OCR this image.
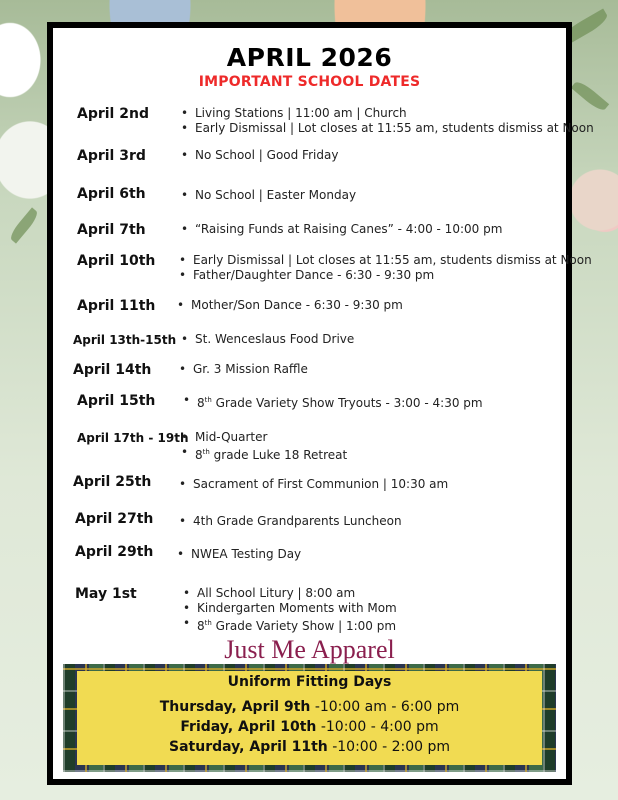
APRIL 2026
IMPORTANT SCHOOL DATES
April 2nd	• Living Stations | 11:00 am | Church
• Early Dismissal | Lot closes at 11:55 am, students dismiss at Noon
April 3rd	• No School | Good Friday
April 6th	• No School | Easter Monday
April 7th	• “Raising Funds at Raising Canes” - 4:00 - 10:00 pm
April 10th	• Early Dismissal | Lot closes at 11:55 am, students dismiss at Noon
• Father/Daughter Dance - 6:30 - 9:30 pm
April 11th	• Mother/Son Dance - 6:30 - 9:30 pm
April 13th-15th	• St. Wenceslaus Food Drive
April 14th	• Gr. 3 Mission Raffle
April 15th	• 8th Grade Variety Show Tryouts - 3:00 - 4:30 pm
April 17th - 19th • Mid-Quarter
• 8th grade Luke 18 Retreat
April 25th	• Sacrament of First Communion | 10:30 am
April 27th	• 4th Grade Grandparents Luncheon
April 29th	• NWEA Testing Day
May 1st	• All School Litury | 8:00 am
• Kindergarten Moments with Mom
• 8th Grade Variety Show | 1:00 pm
Just Me Apparel
Uniform Fitting Days
Thursday, April 9th -10:00 am - 6:00 pm
Friday, April 10th -10:00 - 4:00 pm
Saturday, April 11th -10:00 - 2:00 pm
